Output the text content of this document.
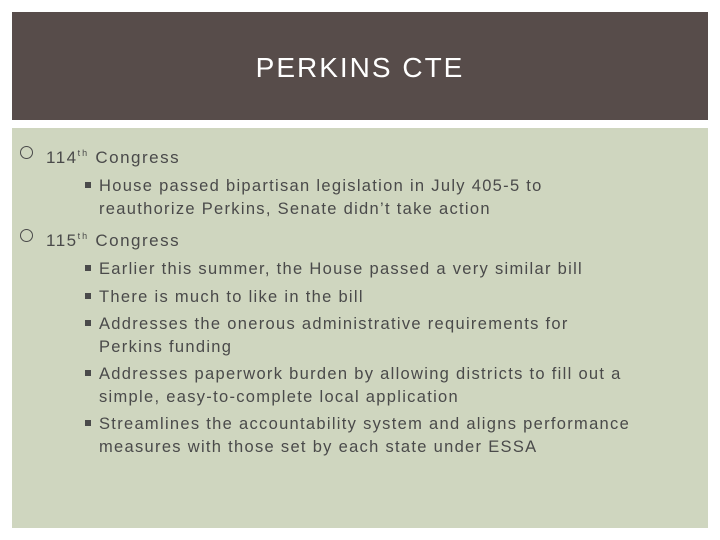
PERKINS CTE
114th Congress
House passed bipartisan legislation in July 405-5 to reauthorize Perkins, Senate didn’t take action
115th Congress
Earlier this summer, the House passed a very similar bill
There is much to like in the bill
Addresses the onerous administrative requirements for Perkins funding
Addresses paperwork burden by allowing districts to fill out a simple, easy-to-complete local application
Streamlines the accountability system and aligns performance measures with those set by each state under ESSA
